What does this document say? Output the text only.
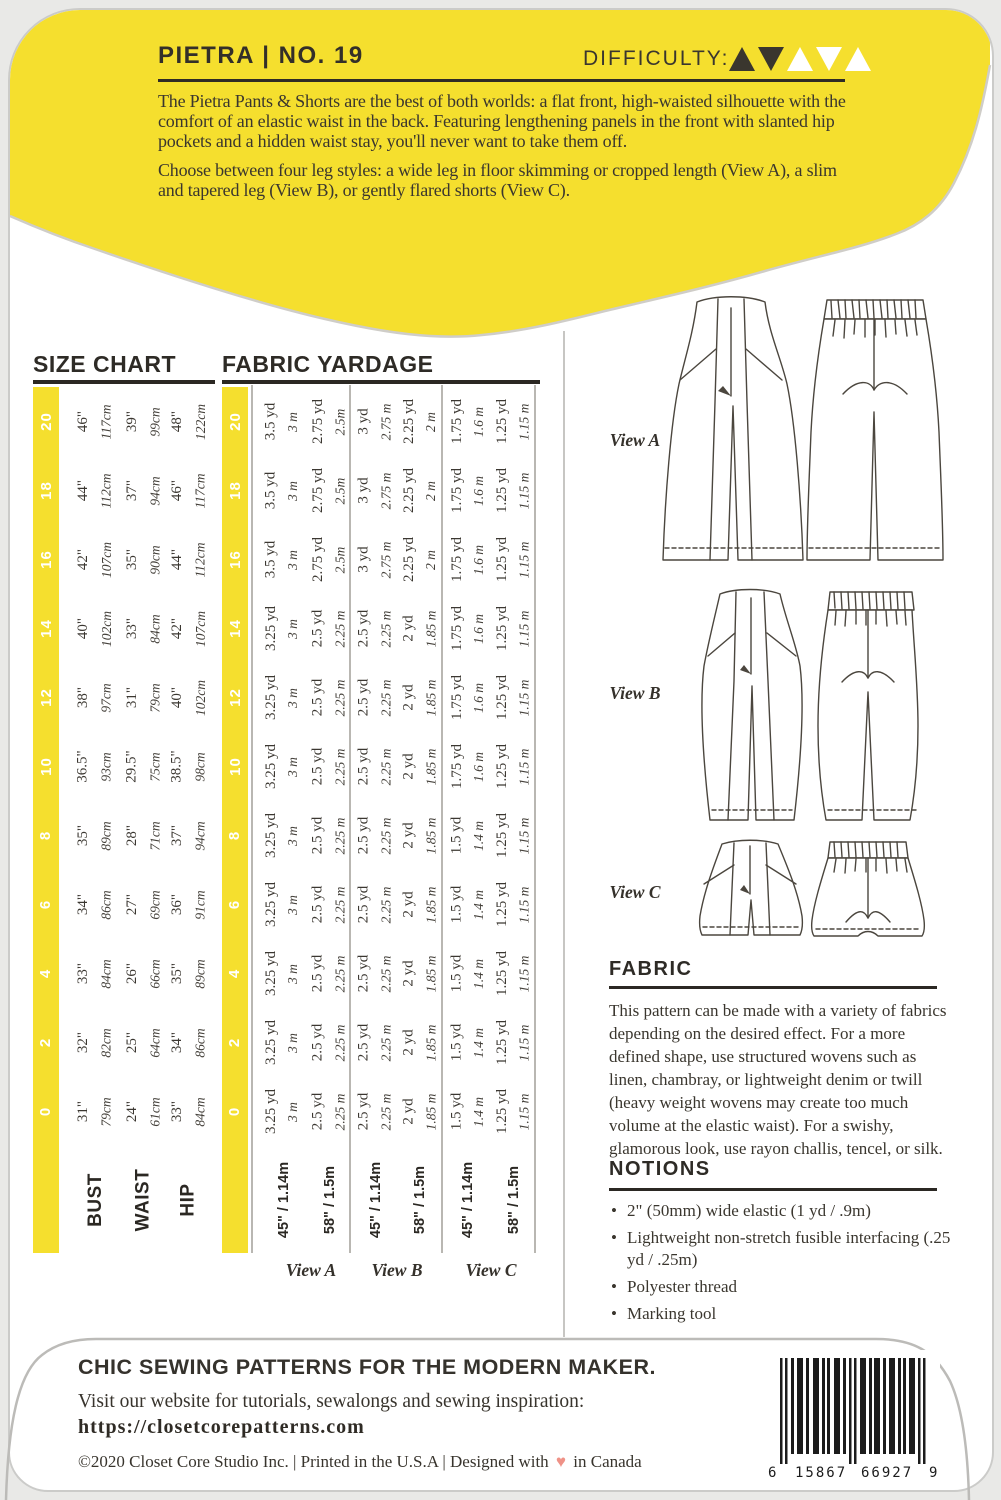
PIETRA | NO. 19	DIFFICULTY:
The Pietra Pants & Shorts are the best of both worlds: a flat front, high-waisted silhouette with the comfort of an elastic waist in the back. Featuring lengthening panels in the front with slanted hip pockets and a hidden waist stay, you'll never want to take them off.
Choose between four leg styles: a wide leg in floor skimming or cropped length (View A), a slim and tapered leg (View B), or gently flared shorts (View C).
SIZE CHART FABRIC YARDAGE
View A
View B
View C
FABRIC
This pattern can be made with a variety of fabrics depending on the desired effect. For a more defined shape, use structured wovens such as linen, chambray, or lightweight denim or twill (heavy weight wovens may create too much volume at the elastic waist). For a swishy, glamorous look, use rayon challis, tencel, or silk.
NOTIONS
• 2" (50mm) wide elastic (1 yd / .9m)
• Lightweight non-stretch fusible interfacing (.25 yd / .25m)
• Polyester thread
• Marking tool
CHIC SEWING PATTERNS FOR THE MODERN MAKER.
Visit our website for tutorials, sewalongs and sewing inspiration:
https://closetcorepatterns.com
©2020 Closet Core Studio Inc. | Printed in the U.S.A | Designed with ♥ in Canada
6 15867 66927 9
20 46" 117cm 39" 99cm 48" 122cm
18 44" 112cm 37" 94cm 46" 117cm
16 42" 107cm 35" 90cm 44" 112cm
14 40" 102cm 33" 84cm 42" 107cm
12 38" 97cm 31" 79cm 40" 102cm
10 36.5" 93cm 29.5" 75cm 38.5" 98cm
8 35" 89cm 28" 71cm 37" 94cm
6 34" 86cm 27" 69cm 36" 91cm
4 33" 84cm 26" 66cm 35" 89cm
2 32" 82cm 25" 64cm 34" 86cm
0 31" 79cm 24" 61cm 33" 84cm
BUST WAIST HIP
20 3.5 yd 3 m 2.75 yd 2.5m 3 yd 2.75 m 2.25 yd 2 m 1.75 yd 1.6 m 1.25 yd 1.15 m
18 3.5 yd 3 m 2.75 yd 2.5m 3 yd 2.75 m 2.25 yd 2 m 1.75 yd 1.6 m 1.25 yd 1.15 m
16 3.5 yd 3 m 2.75 yd 2.5m 3 yd 2.75 m 2.25 yd 2 m 1.75 yd 1.6 m 1.25 yd 1.15 m
14 3.25 yd 3 m 2.5 yd 2.25 m 2.5 yd 2.25 m 2 yd 1.85 m 1.75 yd 1.6 m 1.25 yd 1.15 m
12 3.25 yd 3 m 2.5 yd 2.25 m 2.5 yd 2.25 m 2 yd 1.85 m 1.75 yd 1.6 m 1.25 yd 1.15 m
10 3.25 yd 3 m 2.5 yd 2.25 m 2.5 yd 2.25 m 2 yd 1.85 m 1.75 yd 1.6 m 1.25 yd 1.15 m
8 3.25 yd 3 m 2.5 yd 2.25 m 2.5 yd 2.25 m 2 yd 1.85 m 1.5 yd 1.4 m 1.25 yd 1.15 m
6 3.25 yd 3 m 2.5 yd 2.25 m 2.5 yd 2.25 m 2 yd 1.85 m 1.5 yd 1.4 m 1.25 yd 1.15 m
4 3.25 yd 3 m 2.5 yd 2.25 m 2.5 yd 2.25 m 2 yd 1.85 m 1.5 yd 1.4 m 1.25 yd 1.15 m
2 3.25 yd 3 m 2.5 yd 2.25 m 2.5 yd 2.25 m 2 yd 1.85 m 1.5 yd 1.4 m 1.25 yd 1.15 m
0 3.25 yd 3 m 2.5 yd 2.25 m 2.5 yd 2.25 m 2 yd 1.85 m 1.5 yd 1.4 m 1.25 yd 1.15 m
45" / 1.14m 58" / 1.5m 45" / 1.14m 58" / 1.5m 45" / 1.14m 58" / 1.5m
View A	View B	View C
